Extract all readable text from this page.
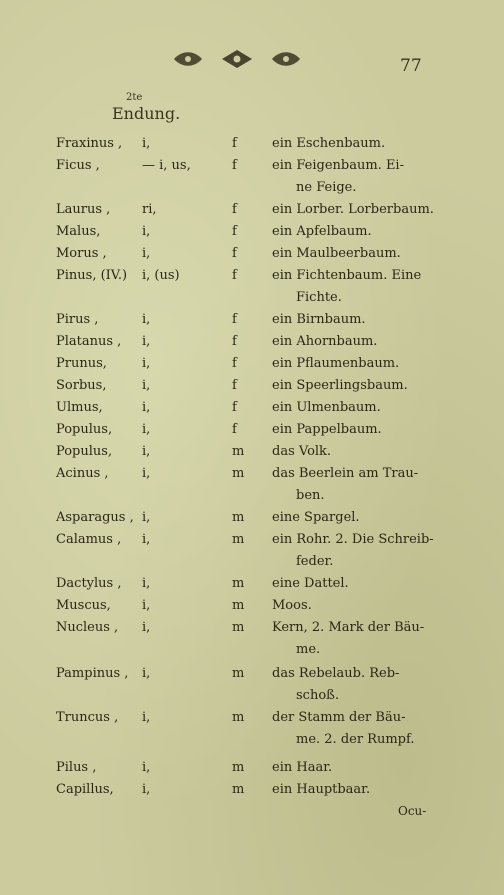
77
2te
Endung.
Fraxinus , i,	f	ein Eschenbaum.
Ficus ,	— i, us,	f	ein Feigenbaum. Ei-
ne Feige.
Laurus , ri,	f	ein Lorber. Lorberbaum.
Malus,	i,	f	ein Apfelbaum.
Morus ,	i,	f	ein Maulbeerbaum.
Pinus, (IV.) i, (us)	f	ein Fichtenbaum. Eine
Fichte.
Pirus ,	i,	f	ein Birnbaum.
Platanus , i,	f	ein Ahornbaum.
Prunus,	i,	f	ein Pflaumenbaum.
Sorbus,	i,	f	ein Speerlingsbaum.
Ulmus,	i,	f	ein Ulmenbaum.
Populus, i,	f	ein Pappelbaum.
Populus, i,	m das Volk.
Acinus ,	i,	m das Beerlein am Trau-
ben.
Asparagus , i,	m eine Spargel.
Calamus , i,	m ein Rohr. 2. Die Schreib-
feder.
Dactylus , i,	m eine Dattel.
Muscus, i,	m Moos.
Nucleus , i,	m Kern, 2. Mark der Bäu-
me.
Pampinus , i,	m das Rebelaub. Reb-
schoß.
Truncus , i,	m der Stamm der Bäu-
me. 2. der Rumpf.
Pilus ,	i,	m ein Haar.
Capillus, i,	m ein Hauptbaar.
Ocu-
